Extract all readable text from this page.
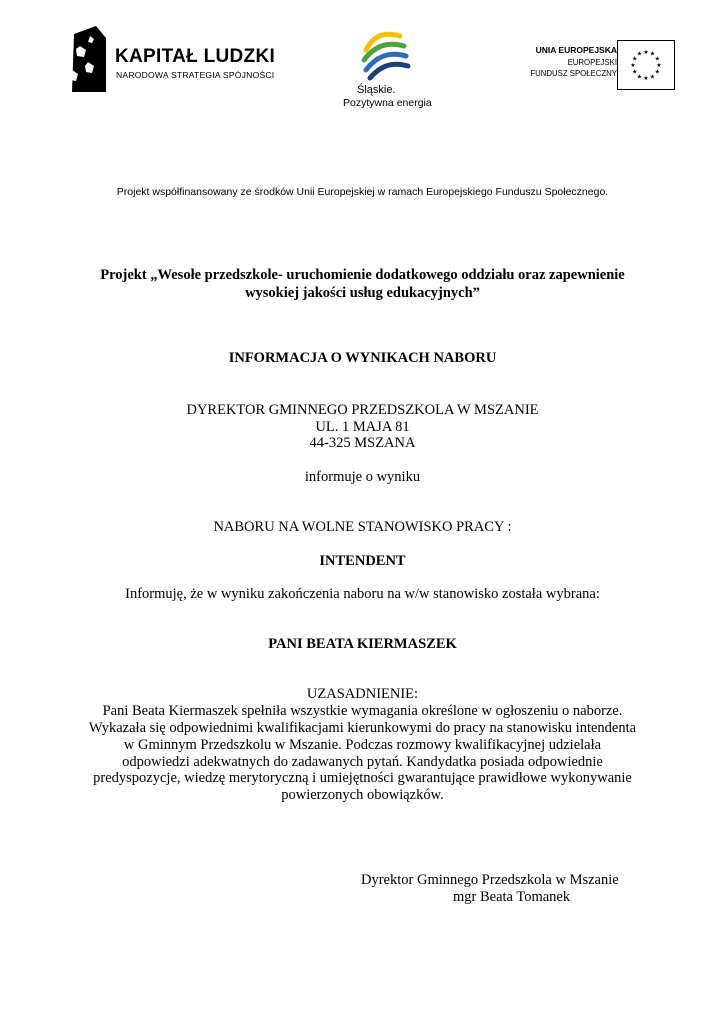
KAPITAŁ LUDZKI
NARODOWA STRATEGIA SPÓJNOŚCI
Śląskie.
Pozytywna energia
UNIA EUROPEJSKA
EUROPEJSKI
FUNDUSZ SPOŁECZNY
★ ★
★
★
★
★
★
★
★
★
★
★
Projekt współfinansowany ze środków Unii Europejskiej w ramach Europejskiego Funduszu Społecznego.
Projekt „Wesołe przedszkole- uruchomienie dodatkowego oddziału oraz zapewnienie
wysokiej jakości usług edukacyjnych”
INFORMACJA O WYNIKACH NABORU
DYREKTOR GMINNEGO PRZEDSZKOLA W MSZANIE
UL. 1 MAJA 81
44-325 MSZANA
informuje o wyniku
NABORU NA WOLNE STANOWISKO PRACY :
INTENDENT
Informuję, że w wyniku zakończenia naboru na w/w stanowisko została wybrana:
PANI BEATA KIERMASZEK
UZASADNIENIE:
Pani Beata Kiermaszek spełniła wszystkie wymagania określone w ogłoszeniu o naborze.
Wykazała się odpowiednimi kwalifikacjami kierunkowymi do pracy na stanowisku intendenta
w Gminnym Przedszkolu w Mszanie. Podczas rozmowy kwalifikacyjnej udzielała
odpowiedzi adekwatnych do zadawanych pytań. Kandydatka posiada odpowiednie
predyspozycje, wiedzę merytoryczną i umiejętności gwarantujące prawidłowe wykonywanie
powierzonych obowiązków.
Dyrektor Gminnego Przedszkola w Mszanie
mgr Beata Tomanek
